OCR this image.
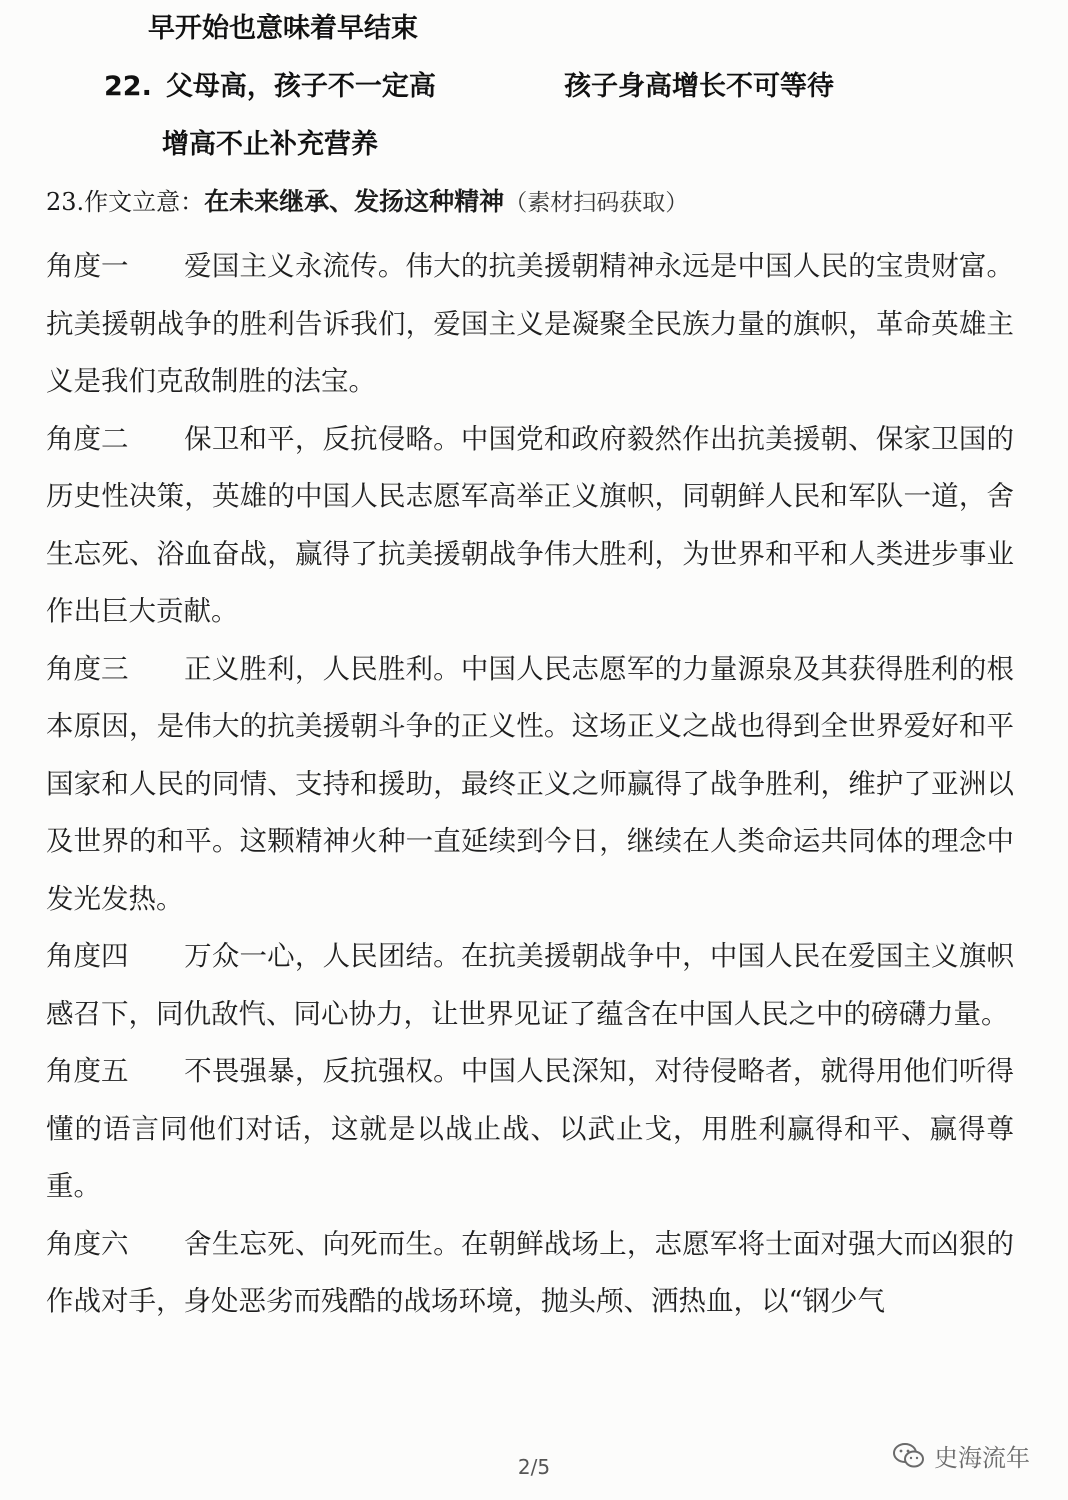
早开始也意味着早结束
22. 父母高，孩子不一定高	孩子身高增长不可等待
增高不止补充营养
23.作文立意：在未来继承、发扬这种精神（素材扫码获取）

角度一 爱国主义永流传。伟大的抗美援朝精神永远是中国人民的宝贵财富。抗美援朝战争的胜利告诉我们，爱国主义是凝聚全民族力量的旗帜，革命英雄主义是我们克敌制胜的法宝。

角度二 保卫和平，反抗侵略。中国党和政府毅然作出抗美援朝、保家卫国的历史性决策，英雄的中国人民志愿军高举正义旗帜，同朝鲜人民和军队一道，舍生忘死、浴血奋战，赢得了抗美援朝战争伟大胜利，为世界和平和人类进步事业作出巨大贡献。

角度三 正义胜利，人民胜利。中国人民志愿军的力量源泉及其获得胜利的根本原因，是伟大的抗美援朝斗争的正义性。这场正义之战也得到全世界爱好和平国家和人民的同情、支持和援助，最终正义之师赢得了战争胜利，维护了亚洲以及世界的和平。这颗精神火种一直延续到今日，继续在人类命运共同体的理念中发光发热。

角度四 万众一心，人民团结。在抗美援朝战争中，中国人民在爱国主义旗帜感召下，同仇敌忾、同心协力，让世界见证了蕴含在中国人民之中的磅礴力量。

角度五 不畏强暴，反抗强权。中国人民深知，对待侵略者，就得用他们听得懂的语言同他们对话，这就是以战止战、以武止戈，用胜利赢得和平、赢得尊重。

角度六 舍生忘死、向死而生。在朝鲜战场上，志愿军将士面对强大而凶狠的作战对手，身处恶劣而残酷的战场环境，抛头颅、洒热血，以“钢少气

2/5	史海流年
